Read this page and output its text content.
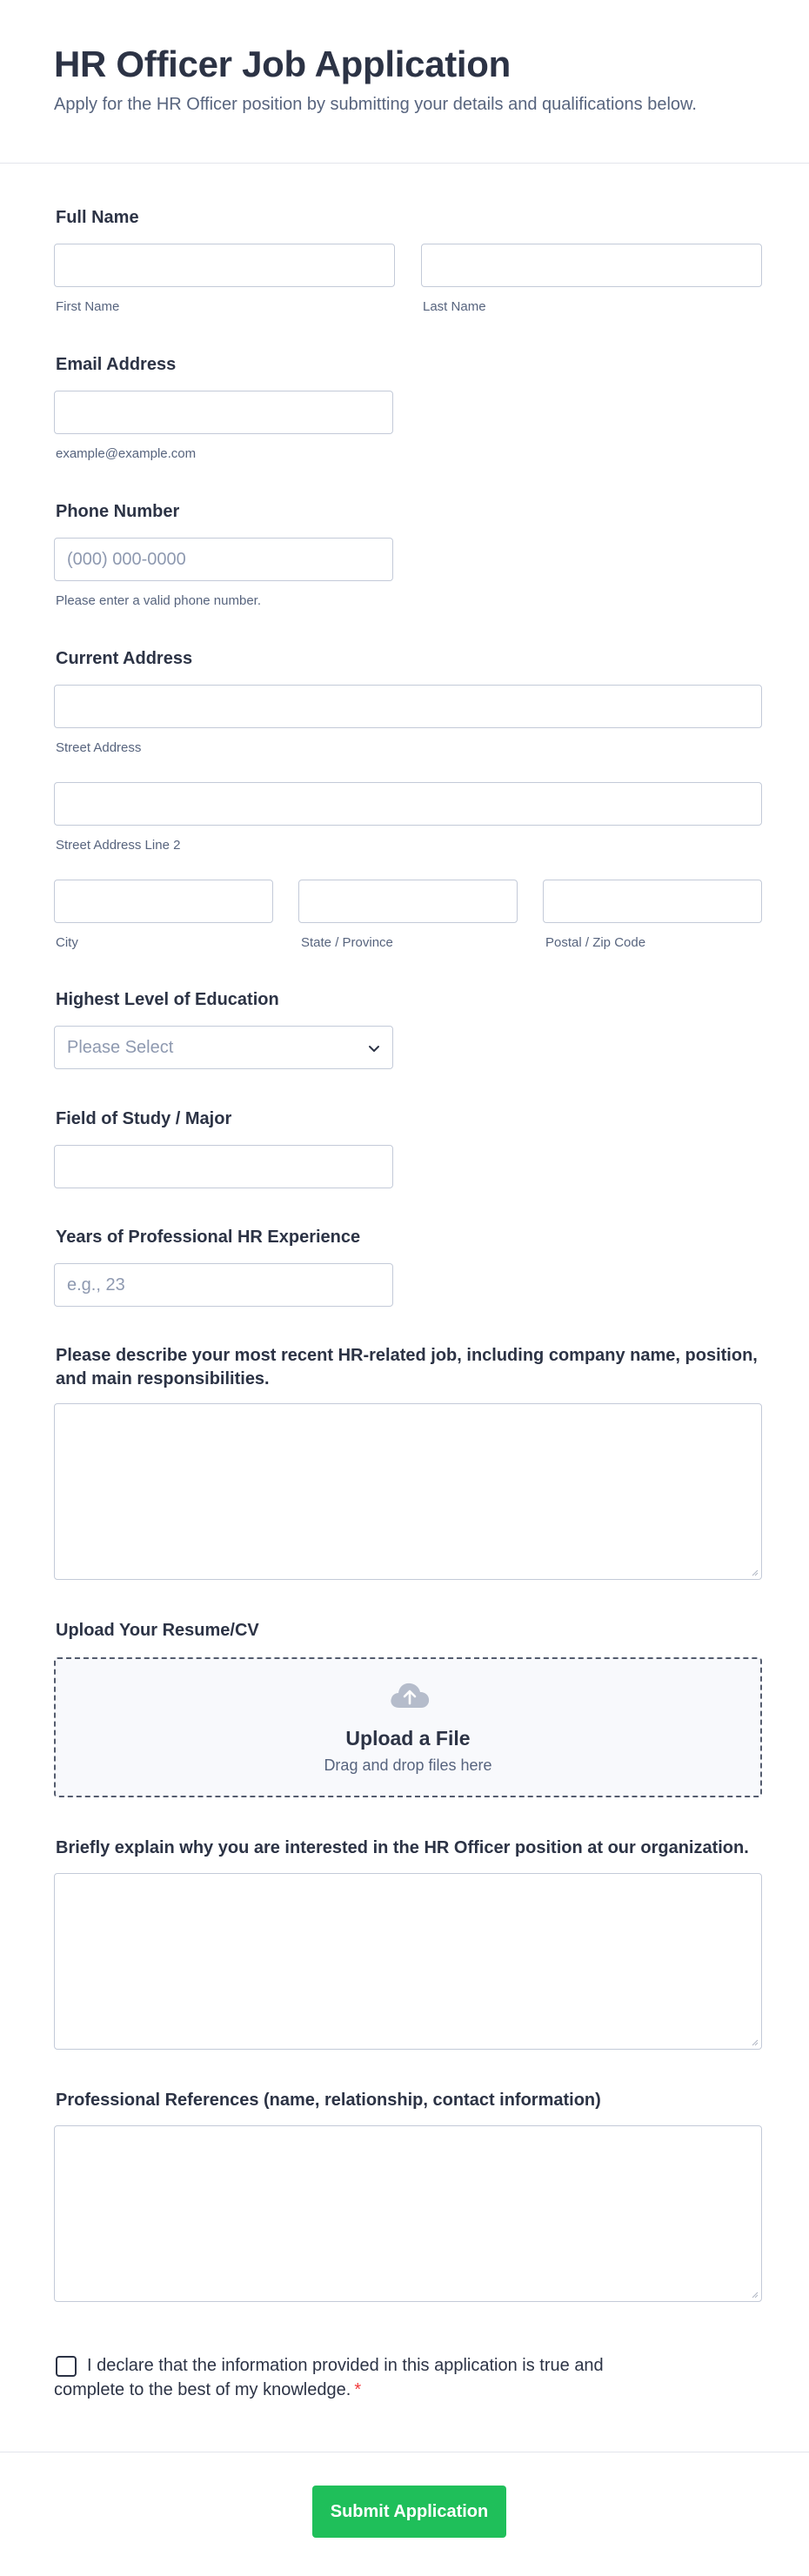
HR Officer Job Application
Apply for the HR Officer position by submitting your details and qualifications below.
Full Name
First Name	Last Name
Email Address
example@example.com
Phone Number
(000) 000-0000
Please enter a valid phone number.
Current Address
Street Address
Street Address Line 2
City	State / Province	Postal / Zip Code
Highest Level of Education
Please Select
Field of Study / Major
Years of Professional HR Experience
e.g., 23
Please describe your most recent HR-related job, including company name, position,
and main responsibilities.
Upload Your Resume/CV
Upload a File
Drag and drop files here
Briefly explain why you are interested in the HR Officer position at our organization.
Professional References (name, relationship, contact information)
I declare that the information provided in this application is true and
complete to the best of my knowledge. *
Submit Application
